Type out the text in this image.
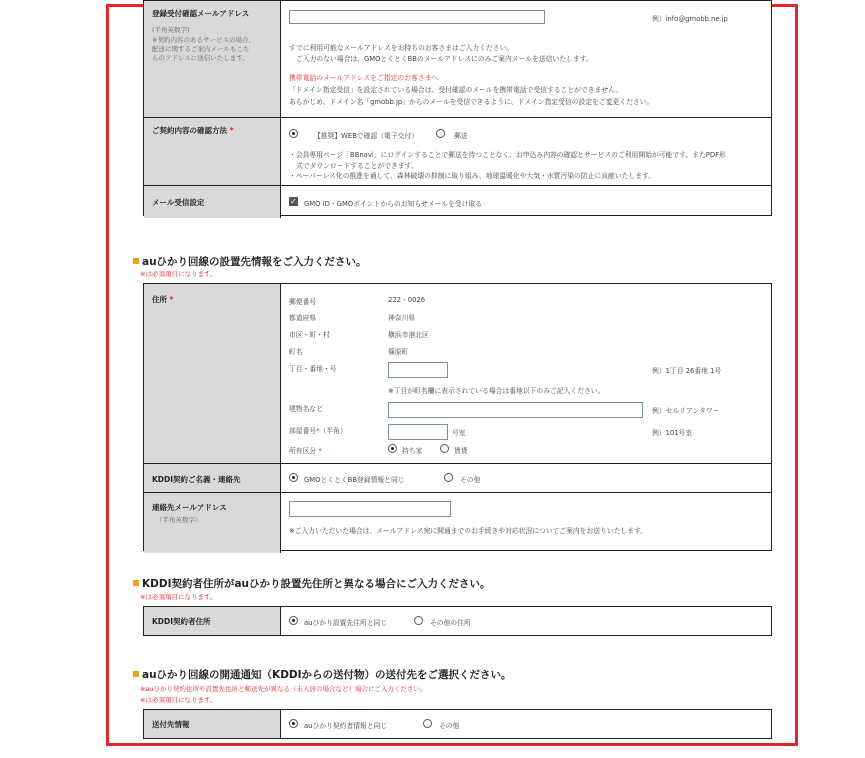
登録受付確認メールアドレス
(半角英数字)
※契約内容のあるサービスの場合、
配送に関するご案内メールもこち
らのアドレスに送信いたします。
例）info@gmobb.ne.jp
すでに利用可能なメールアドレスをお持ちのお客さまはご入力ください。
ご入力のない場合は、GMOとくとくBBのメールアドレスにのみご案内メールを送信いたします。
携帯電話のメールアドレスをご指定のお客さまへ
「ドメイン指定受信」を設定されている場合は、受付確認のメールを携帯電話で受信することができません。
あらかじめ、ドメイン名「gmobb.jp」からのメールを受信できるように、ドメイン指定受信の設定をご変更ください。
ご契約内容の確認方法 *
【推奨】WEBで確認（電子交付）	郵送
・会員専用ページ「BBnavi」にログインすることで郵送を待つことなく、お申込み内容の確認とサービスのご利用開始が可能です。またPDF形
式でダウンロードすることができます。
・ペーパーレス化の推進を通して、森林破壊の抑制に取り組み、地球温暖化や大気・水質汚染の防止に貢献いたします。
メール受信設定	✓ GMO ID・GMOポイントからのお知らせメールを受け取る
auひかり回線の設置先情報をご入力ください。
※は必須項目になります。
住所 *	郵便番号	222 - 0026
都道府県	神奈川県
市区・町・村	横浜市港北区
町名	篠原町
丁目・番地・号	例）1丁目 26番地 1号
※丁目が町名欄に表示されている場合は番地以下のみご記入ください。
建物名など	例）セルリアンタワー
部屋番号*（半角）	号室	例）101号室
所有区分 *	持ち家	賃貸
KDDI契約ご名義・連絡先	GMOとくとくBB登録情報と同じ	その他
連絡先メールアドレス
（半角英数字）
※ご入力いただいた場合は、メールアドレス宛に開通までのお手続きや対応状況についてご案内をお送りいたします。
KDDI契約者住所がauひかり設置先住所と異なる場合にご入力ください。
※は必須項目になります。
KDDI契約者住所	auひかり設置先住所と同じ	その他の住所
auひかり回線の開通通知（KDDIからの送付物）の送付先をご選択ください。
※auひかり契約住所や設置先住所と郵送先が異なる（未入居の場合など）場合にご入力ください。
※は必須項目になります。
送付先情報	auひかり契約者情報と同じ	その他
